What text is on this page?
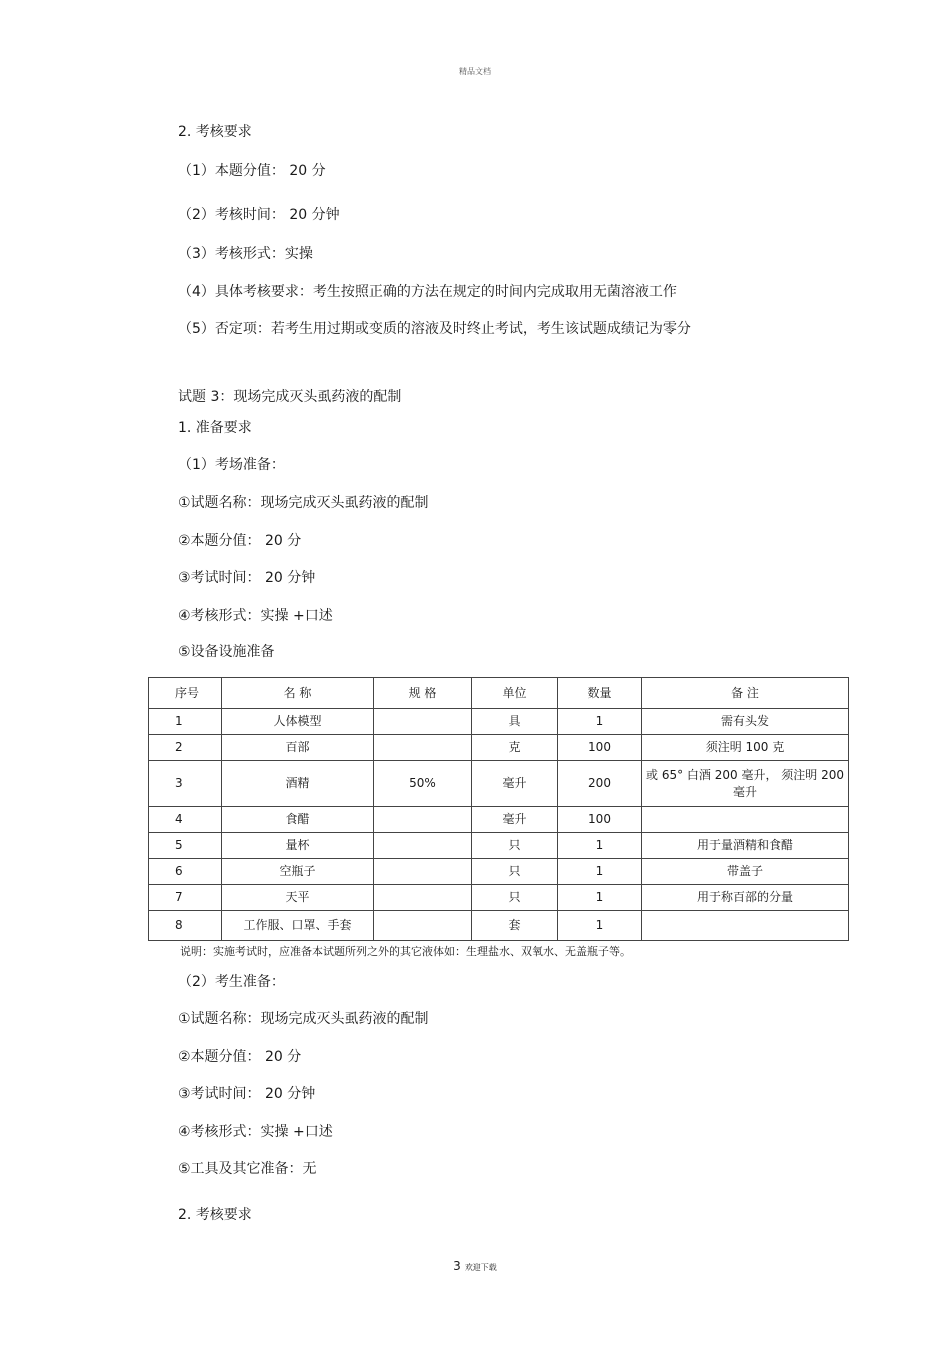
精品文档
2. 考核要求
（1）本题分值： 20 分
（2）考核时间： 20 分钟
（3）考核形式：实操
（4）具体考核要求：考生按照正确的方法在规定的时间内完成取用无菌溶液工作
（5）否定项：若考生用过期或变质的溶液及时终止考试，考生该试题成绩记为零分
试题 3：现场完成灭头虱药液的配制
1. 准备要求
（1）考场准备：
①试题名称：现场完成灭头虱药液的配制
②本题分值： 20 分
③考试时间： 20 分钟
④考核形式：实操 +口述
⑤设备设施准备
序号	名 称	规 格	单位	数量	备 注
1	人体模型		具	1	需有头发
2	百部		克	100	须注明 100 克
3	酒精	50%	毫升	200	或 65° 白酒 200 毫升， 须注明 200 毫升
4	食醋		毫升	100	
5	量杯		只	1	用于量酒精和食醋
6	空瓶子		只	1	带盖子
7	天平		只	1	用于称百部的分量
8	工作服、口罩、手套		套	1	
说明：实施考试时，应准备本试题所列之外的其它液体如：生理盐水、双氧水、无盖瓶子等。
（2）考生准备：
①试题名称：现场完成灭头虱药液的配制
②本题分值： 20 分
③考试时间： 20 分钟
④考核形式：实操 +口述
⑤工具及其它准备：无
2. 考核要求
3 欢迎下载
